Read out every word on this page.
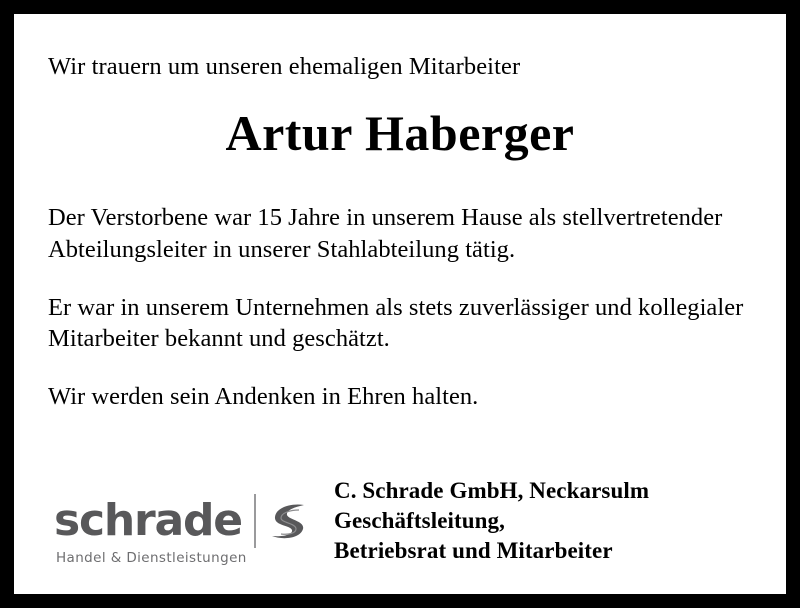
Wir trauern um unseren ehemaligen Mitarbeiter
Artur Haberger

Der Verstorbene war 15 Jahre in unserem Hause als stellvertretender Abteilungsleiter in unserer Stahlabteilung tätig.

Er war in unserem Unternehmen als stets zuverlässiger und kollegialer Mitarbeiter bekannt und geschätzt.

Wir werden sein Andenken in Ehren halten.

schrade
Handel & Dienstleistungen
C. Schrade GmbH, Neckarsulm
Geschäftsleitung,
Betriebsrat und Mitarbeiter
